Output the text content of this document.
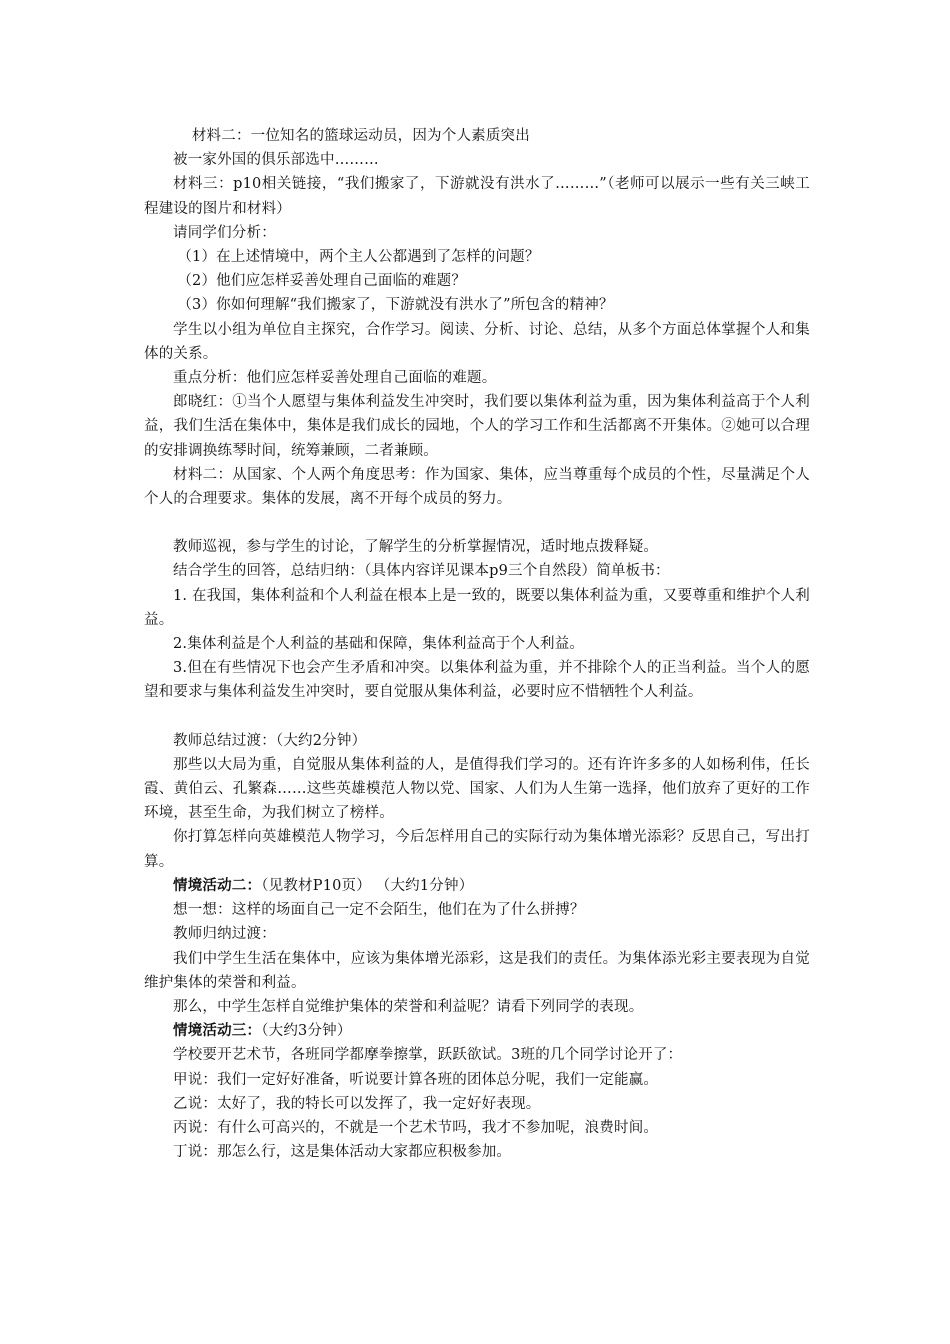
材料二：一位知名的篮球运动员，因为个人素质突出

被一家外国的俱乐部选中………

材料三：p10相关链接，“我们搬家了，下游就没有洪水了………”（老师可以展示一些有关三峡工程建设的图片和材料）

请同学们分析：

（1）在上述情境中，两个主人公都遇到了怎样的问题？

（2）他们应怎样妥善处理自己面临的难题？

（3）你如何理解“我们搬家了，下游就没有洪水了”所包含的精神？

学生以小组为单位自主探究，合作学习。阅读、分析、讨论、总结，从多个方面总体掌握个人和集体的关系。

重点分析：他们应怎样妥善处理自己面临的难题。

郎晓红：①当个人愿望与集体利益发生冲突时，我们要以集体利益为重，因为集体利益高于个人利益，我们生活在集体中，集体是我们成长的园地，个人的学习工作和生活都离不开集体。②她可以合理的安排调换练琴时间，统筹兼顾，二者兼顾。

材料二：从国家、个人两个角度思考：作为国家、集体，应当尊重每个成员的个性，尽量满足个人个人的合理要求。集体的发展，离不开每个成员的努力。

教师巡视，参与学生的讨论，了解学生的分析掌握情况，适时地点拨释疑。

结合学生的回答，总结归纳：（具体内容详见课本p9三个自然段）简单板书：

1. 在我国，集体利益和个人利益在根本上是一致的，既要以集体利益为重，又要尊重和维护个人利益。

2.集体利益是个人利益的基础和保障，集体利益高于个人利益。

3.但在有些情况下也会产生矛盾和冲突。以集体利益为重，并不排除个人的正当利益。当个人的愿望和要求与集体利益发生冲突时，要自觉服从集体利益，必要时应不惜牺牲个人利益。

教师总结过渡：（大约2分钟）

那些以大局为重，自觉服从集体利益的人，是值得我们学习的。还有许许多多的人如杨利伟，任长霞、黄伯云、孔繁森……这些英雄模范人物以党、国家、人们为人生第一选择，他们放弃了更好的工作环境，甚至生命，为我们树立了榜样。

你打算怎样向英雄模范人物学习，今后怎样用自己的实际行动为集体增光添彩？反思自己，写出打算。

情境活动二：（见教材P10页） （大约1分钟）

想一想：这样的场面自己一定不会陌生，他们在为了什么拼搏？

教师归纳过渡：

我们中学生生活在集体中，应该为集体增光添彩，这是我们的责任。为集体添光彩主要表现为自觉维护集体的荣誉和利益。

那么，中学生怎样自觉维护集体的荣誉和利益呢？请看下列同学的表现。

情境活动三：（大约3分钟）

学校要开艺术节，各班同学都摩拳擦掌，跃跃欲试。3班的几个同学讨论开了：

甲说：我们一定好好准备，听说要计算各班的团体总分呢，我们一定能赢。

乙说：太好了，我的特长可以发挥了，我一定好好表现。

丙说：有什么可高兴的，不就是一个艺术节吗，我才不参加呢，浪费时间。

丁说：那怎么行，这是集体活动大家都应积极参加。
